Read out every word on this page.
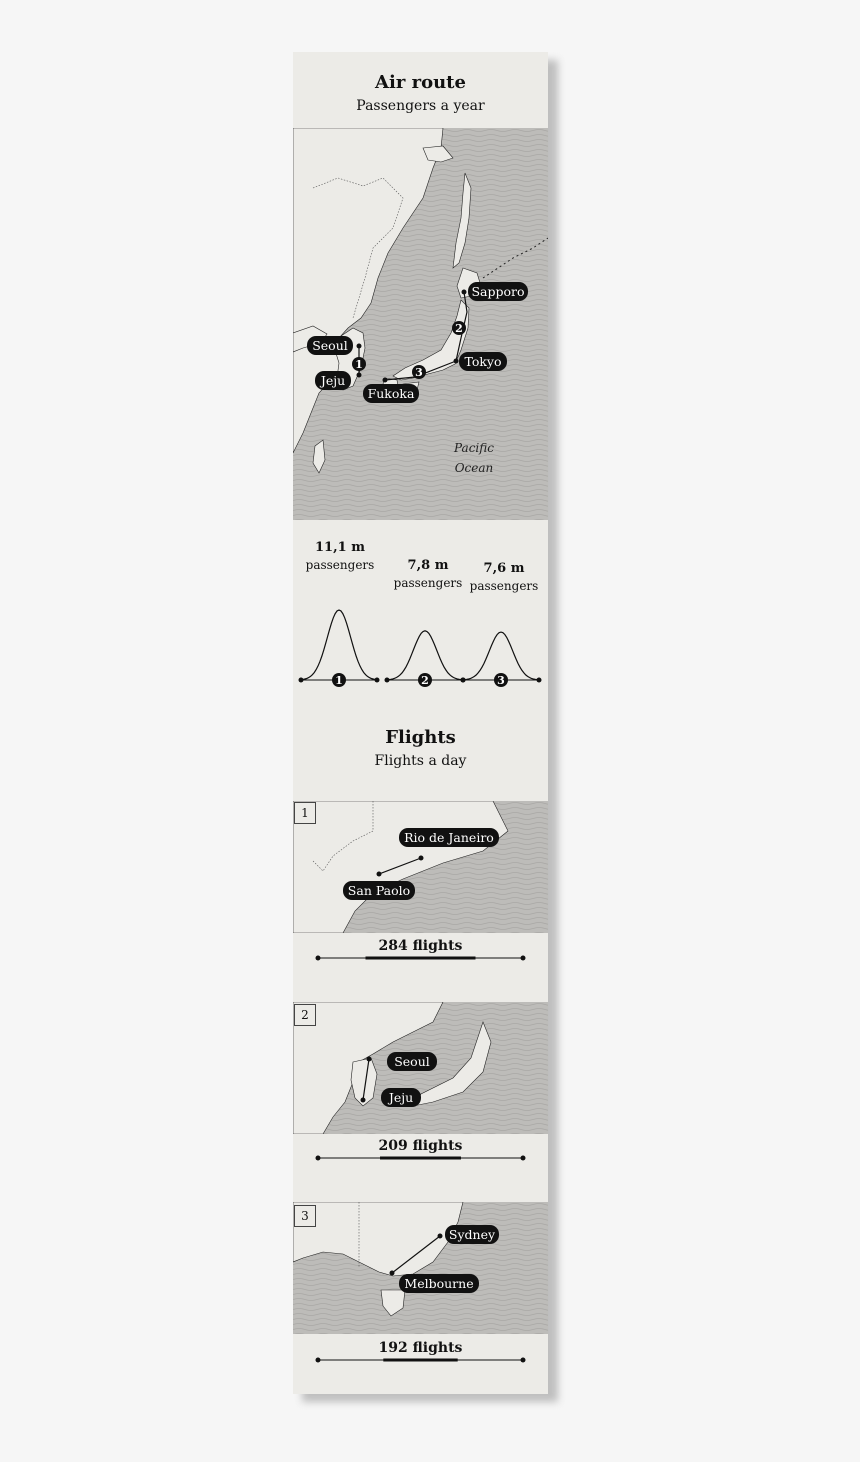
Air route
Passengers a year
1
2
3
Seoul
Jeju
Fukoka
Tokyo
Sapporo
Pacific
Ocean
11,1 m
passengers	7,8 m
passengers
7,6 m
passengers
1	2	3
Flights
Flights a day
Rio de Janeiro
San Paolo
1
284 flights
Seoul
Jeju
2
209 flights
Sydney
Melbourne
3
192 flights
